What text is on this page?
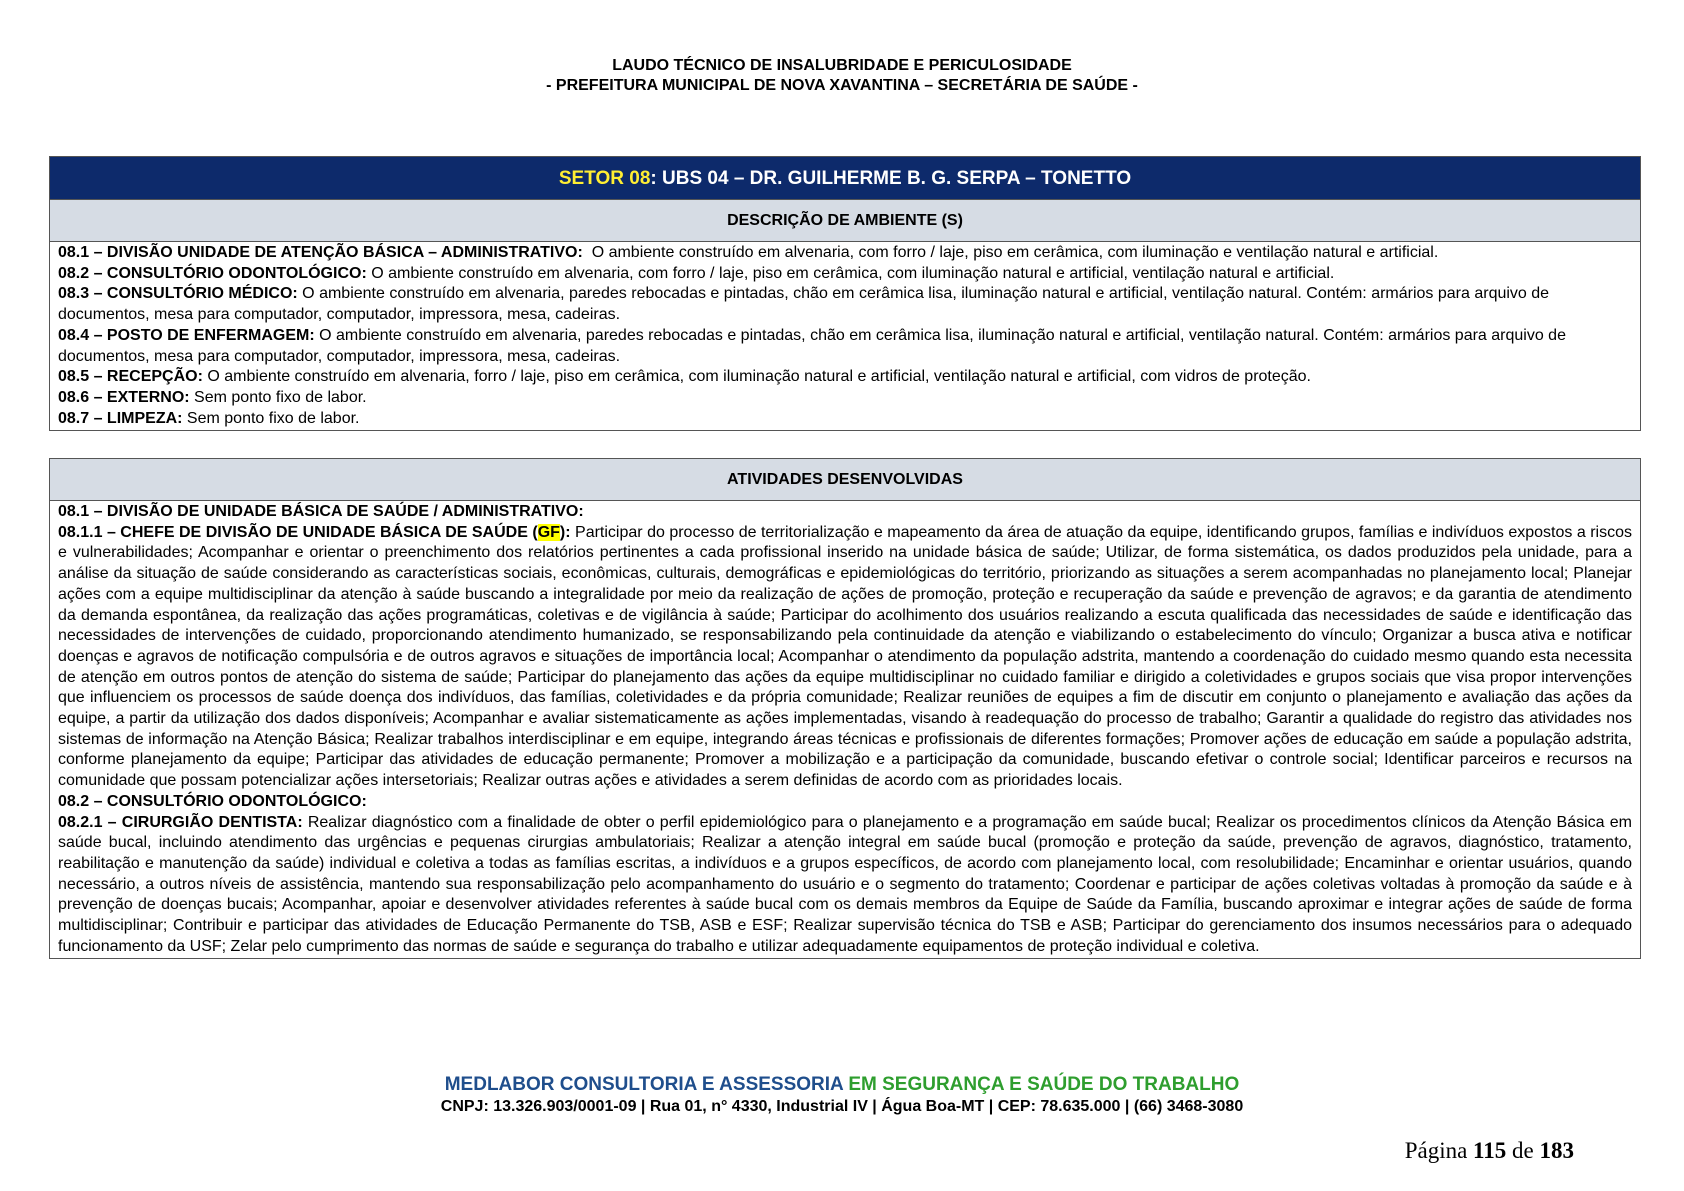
LAUDO TÉCNICO DE INSALUBRIDADE E PERICULOSIDADE
- PREFEITURA MUNICIPAL DE NOVA XAVANTINA – SECRETÁRIA DE SAÚDE -
SETOR 08: UBS 04 – DR. GUILHERME B. G. SERPA – TONETTO
DESCRIÇÃO DE AMBIENTE (S)

08.1 – DIVISÃO UNIDADE DE ATENÇÃO BÁSICA – ADMINISTRATIVO:  O ambiente construído em alvenaria, com forro / laje, piso em cerâmica, com iluminação e ventilação natural e artificial.

08.2 – CONSULTÓRIO ODONTOLÓGICO: O ambiente construído em alvenaria, com forro / laje, piso em cerâmica, com iluminação natural e artificial, ventilação natural e artificial.

08.3 – CONSULTÓRIO MÉDICO: O ambiente construído em alvenaria, paredes rebocadas e pintadas, chão em cerâmica lisa, iluminação natural e artificial, ventilação natural. Contém: armários para arquivo de documentos, mesa para computador, computador, impressora, mesa, cadeiras.

08.4 – POSTO DE ENFERMAGEM: O ambiente construído em alvenaria, paredes rebocadas e pintadas, chão em cerâmica lisa, iluminação natural e artificial, ventilação natural. Contém: armários para arquivo de documentos, mesa para computador, computador, impressora, mesa, cadeiras.

08.5 – RECEPÇÃO: O ambiente construído em alvenaria, forro / laje, piso em cerâmica, com iluminação natural e artificial, ventilação natural e artificial, com vidros de proteção.

08.6 – EXTERNO: Sem ponto fixo de labor.

08.7 – LIMPEZA: Sem ponto fixo de labor.

ATIVIDADES DESENVOLVIDAS

08.1 – DIVISÃO DE UNIDADE BÁSICA DE SAÚDE / ADMINISTRATIVO:

08.1.1 – CHEFE DE DIVISÃO DE UNIDADE BÁSICA DE SAÚDE (GF): Participar do processo de territorialização e mapeamento da área de atuação da equipe, identificando grupos, famílias e indivíduos expostos a riscos e vulnerabilidades; Acompanhar e orientar o preenchimento dos relatórios pertinentes a cada profissional inserido na unidade básica de saúde; Utilizar, de forma sistemática, os dados produzidos pela unidade, para a análise da situação de saúde considerando as características sociais, econômicas, culturais, demográficas e epidemiológicas do território, priorizando as situações a serem acompanhadas no planejamento local; Planejar ações com a equipe multidisciplinar da atenção à saúde buscando a integralidade por meio da realização de ações de promoção, proteção e recuperação da saúde e prevenção de agravos; e da garantia de atendimento da demanda espontânea, da realização das ações programáticas, coletivas e de vigilância à saúde; Participar do acolhimento dos usuários realizando a escuta qualificada das necessidades de saúde e identificação das necessidades de intervenções de cuidado, proporcionando atendimento humanizado, se responsabilizando pela continuidade da atenção e viabilizando o estabelecimento do vínculo; Organizar a busca ativa e notificar doenças e agravos de notificação compulsória e de outros agravos e situações de importância local; Acompanhar o atendimento da população adstrita, mantendo a coordenação do cuidado mesmo quando esta necessita de atenção em outros pontos de atenção do sistema de saúde; Participar do planejamento das ações da equipe multidisciplinar no cuidado familiar e dirigido a coletividades e grupos sociais que visa propor intervenções que influenciem os processos de saúde doença dos indivíduos, das famílias, coletividades e da própria comunidade; Realizar reuniões de equipes a fim de discutir em conjunto o planejamento e avaliação das ações da equipe, a partir da utilização dos dados disponíveis; Acompanhar e avaliar sistematicamente as ações implementadas, visando à readequação do processo de trabalho; Garantir a qualidade do registro das atividades nos sistemas de informação na Atenção Básica; Realizar trabalhos interdisciplinar e em equipe, integrando áreas técnicas e profissionais de diferentes formações; Promover ações de educação em saúde a população adstrita, conforme planejamento da equipe; Participar das atividades de educação permanente; Promover a mobilização e a participação da comunidade, buscando efetivar o controle social; Identificar parceiros e recursos na comunidade que possam potencializar ações intersetoriais; Realizar outras ações e atividades a serem definidas de acordo com as prioridades locais.

08.2 – CONSULTÓRIO ODONTOLÓGICO:

08.2.1 – CIRURGIÃO DENTISTA: Realizar diagnóstico com a finalidade de obter o perfil epidemiológico para o planejamento e a programação em saúde bucal; Realizar os procedimentos clínicos da Atenção Básica em saúde bucal, incluindo atendimento das urgências e pequenas cirurgias ambulatoriais; Realizar a atenção integral em saúde bucal (promoção e proteção da saúde, prevenção de agravos, diagnóstico, tratamento, reabilitação e manutenção da saúde) individual e coletiva a todas as famílias escritas, a indivíduos e a grupos específicos, de acordo com planejamento local, com resolubilidade; Encaminhar e orientar usuários, quando necessário, a outros níveis de assistência, mantendo sua responsabilização pelo acompanhamento do usuário e o segmento do tratamento; Coordenar e participar de ações coletivas voltadas à promoção da saúde e à prevenção de doenças bucais; Acompanhar, apoiar e desenvolver atividades referentes à saúde bucal com os demais membros da Equipe de Saúde da Família, buscando aproximar e integrar ações de saúde de forma multidisciplinar; Contribuir e participar das atividades de Educação Permanente do TSB, ASB e ESF; Realizar supervisão técnica do TSB e ASB; Participar do gerenciamento dos insumos necessários para o adequado funcionamento da USF; Zelar pelo cumprimento das normas de saúde e segurança do trabalho e utilizar adequadamente equipamentos de proteção individual e coletiva.

MEDLABOR CONSULTORIA E ASSESSORIA EM SEGURANÇA E SAÚDE DO TRABALHO
CNPJ: 13.326.903/0001-09 | Rua 01, n° 4330, Industrial IV | Água Boa-MT | CEP: 78.635.000 | (66) 3468-3080
Página 115 de 183
